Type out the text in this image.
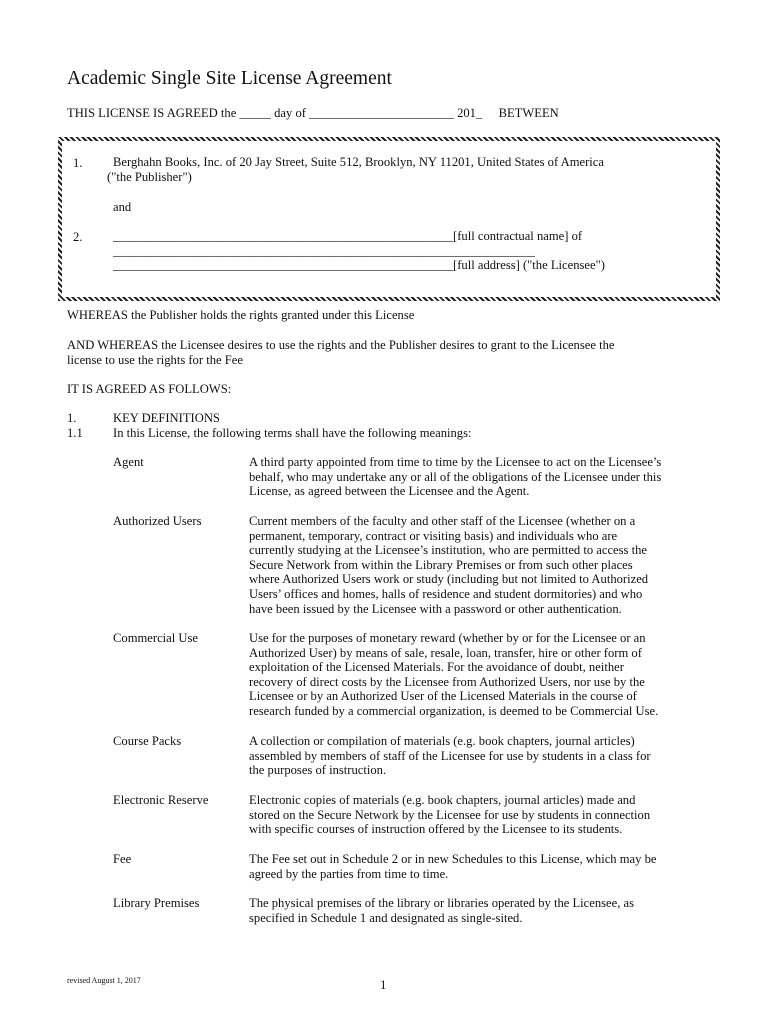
Academic Single Site License Agreement
THIS LICENSE IS AGREED the _____ day of _______________________ 201_ BETWEEN
1. Berghahn Books, Inc. of 20 Jay Street, Suite 512, Brooklyn, NY 11201, United States of America
("the Publisher")
and
2. ______________________________________________________[full contractual name] of
___________________________________________________________________
______________________________________________________[full address] ("the Licensee")
WHEREAS the Publisher holds the rights granted under this License
AND WHEREAS the Licensee desires to use the rights and the Publisher desires to grant to the Licensee the
license to use the rights for the Fee
IT IS AGREED AS FOLLOWS:
1.	KEY DEFINITIONS
1.1 In this License, the following terms shall have the following meanings:
Agent	A third party appointed from time to time by the Licensee to act on the Licensee’s
behalf, who may undertake any or all of the obligations of the Licensee under this
License, as agreed between the Licensee and the Agent.
Authorized Users	Current members of the faculty and other staff of the Licensee (whether on a
permanent, temporary, contract or visiting basis) and individuals who are
currently studying at the Licensee’s institution, who are permitted to access the
Secure Network from within the Library Premises or from such other places
where Authorized Users work or study (including but not limited to Authorized
Users’ offices and homes, halls of residence and student dormitories) and who
have been issued by the Licensee with a password or other authentication.
Commercial Use	Use for the purposes of monetary reward (whether by or for the Licensee or an
Authorized User) by means of sale, resale, loan, transfer, hire or other form of
exploitation of the Licensed Materials. For the avoidance of doubt, neither
recovery of direct costs by the Licensee from Authorized Users, nor use by the
Licensee or by an Authorized User of the Licensed Materials in the course of
research funded by a commercial organization, is deemed to be Commercial Use.
Course Packs	A collection or compilation of materials (e.g. book chapters, journal articles)
assembled by members of staff of the Licensee for use by students in a class for
the purposes of instruction.
Electronic Reserve	Electronic copies of materials (e.g. book chapters, journal articles) made and
stored on the Secure Network by the Licensee for use by students in connection
with specific courses of instruction offered by the Licensee to its students.
Fee	The Fee set out in Schedule 2 or in new Schedules to this License, which may be
agreed by the parties from time to time.
Library Premises	The physical premises of the library or libraries operated by the Licensee, as
specified in Schedule 1 and designated as single-sited.
revised August 1, 2017	1
